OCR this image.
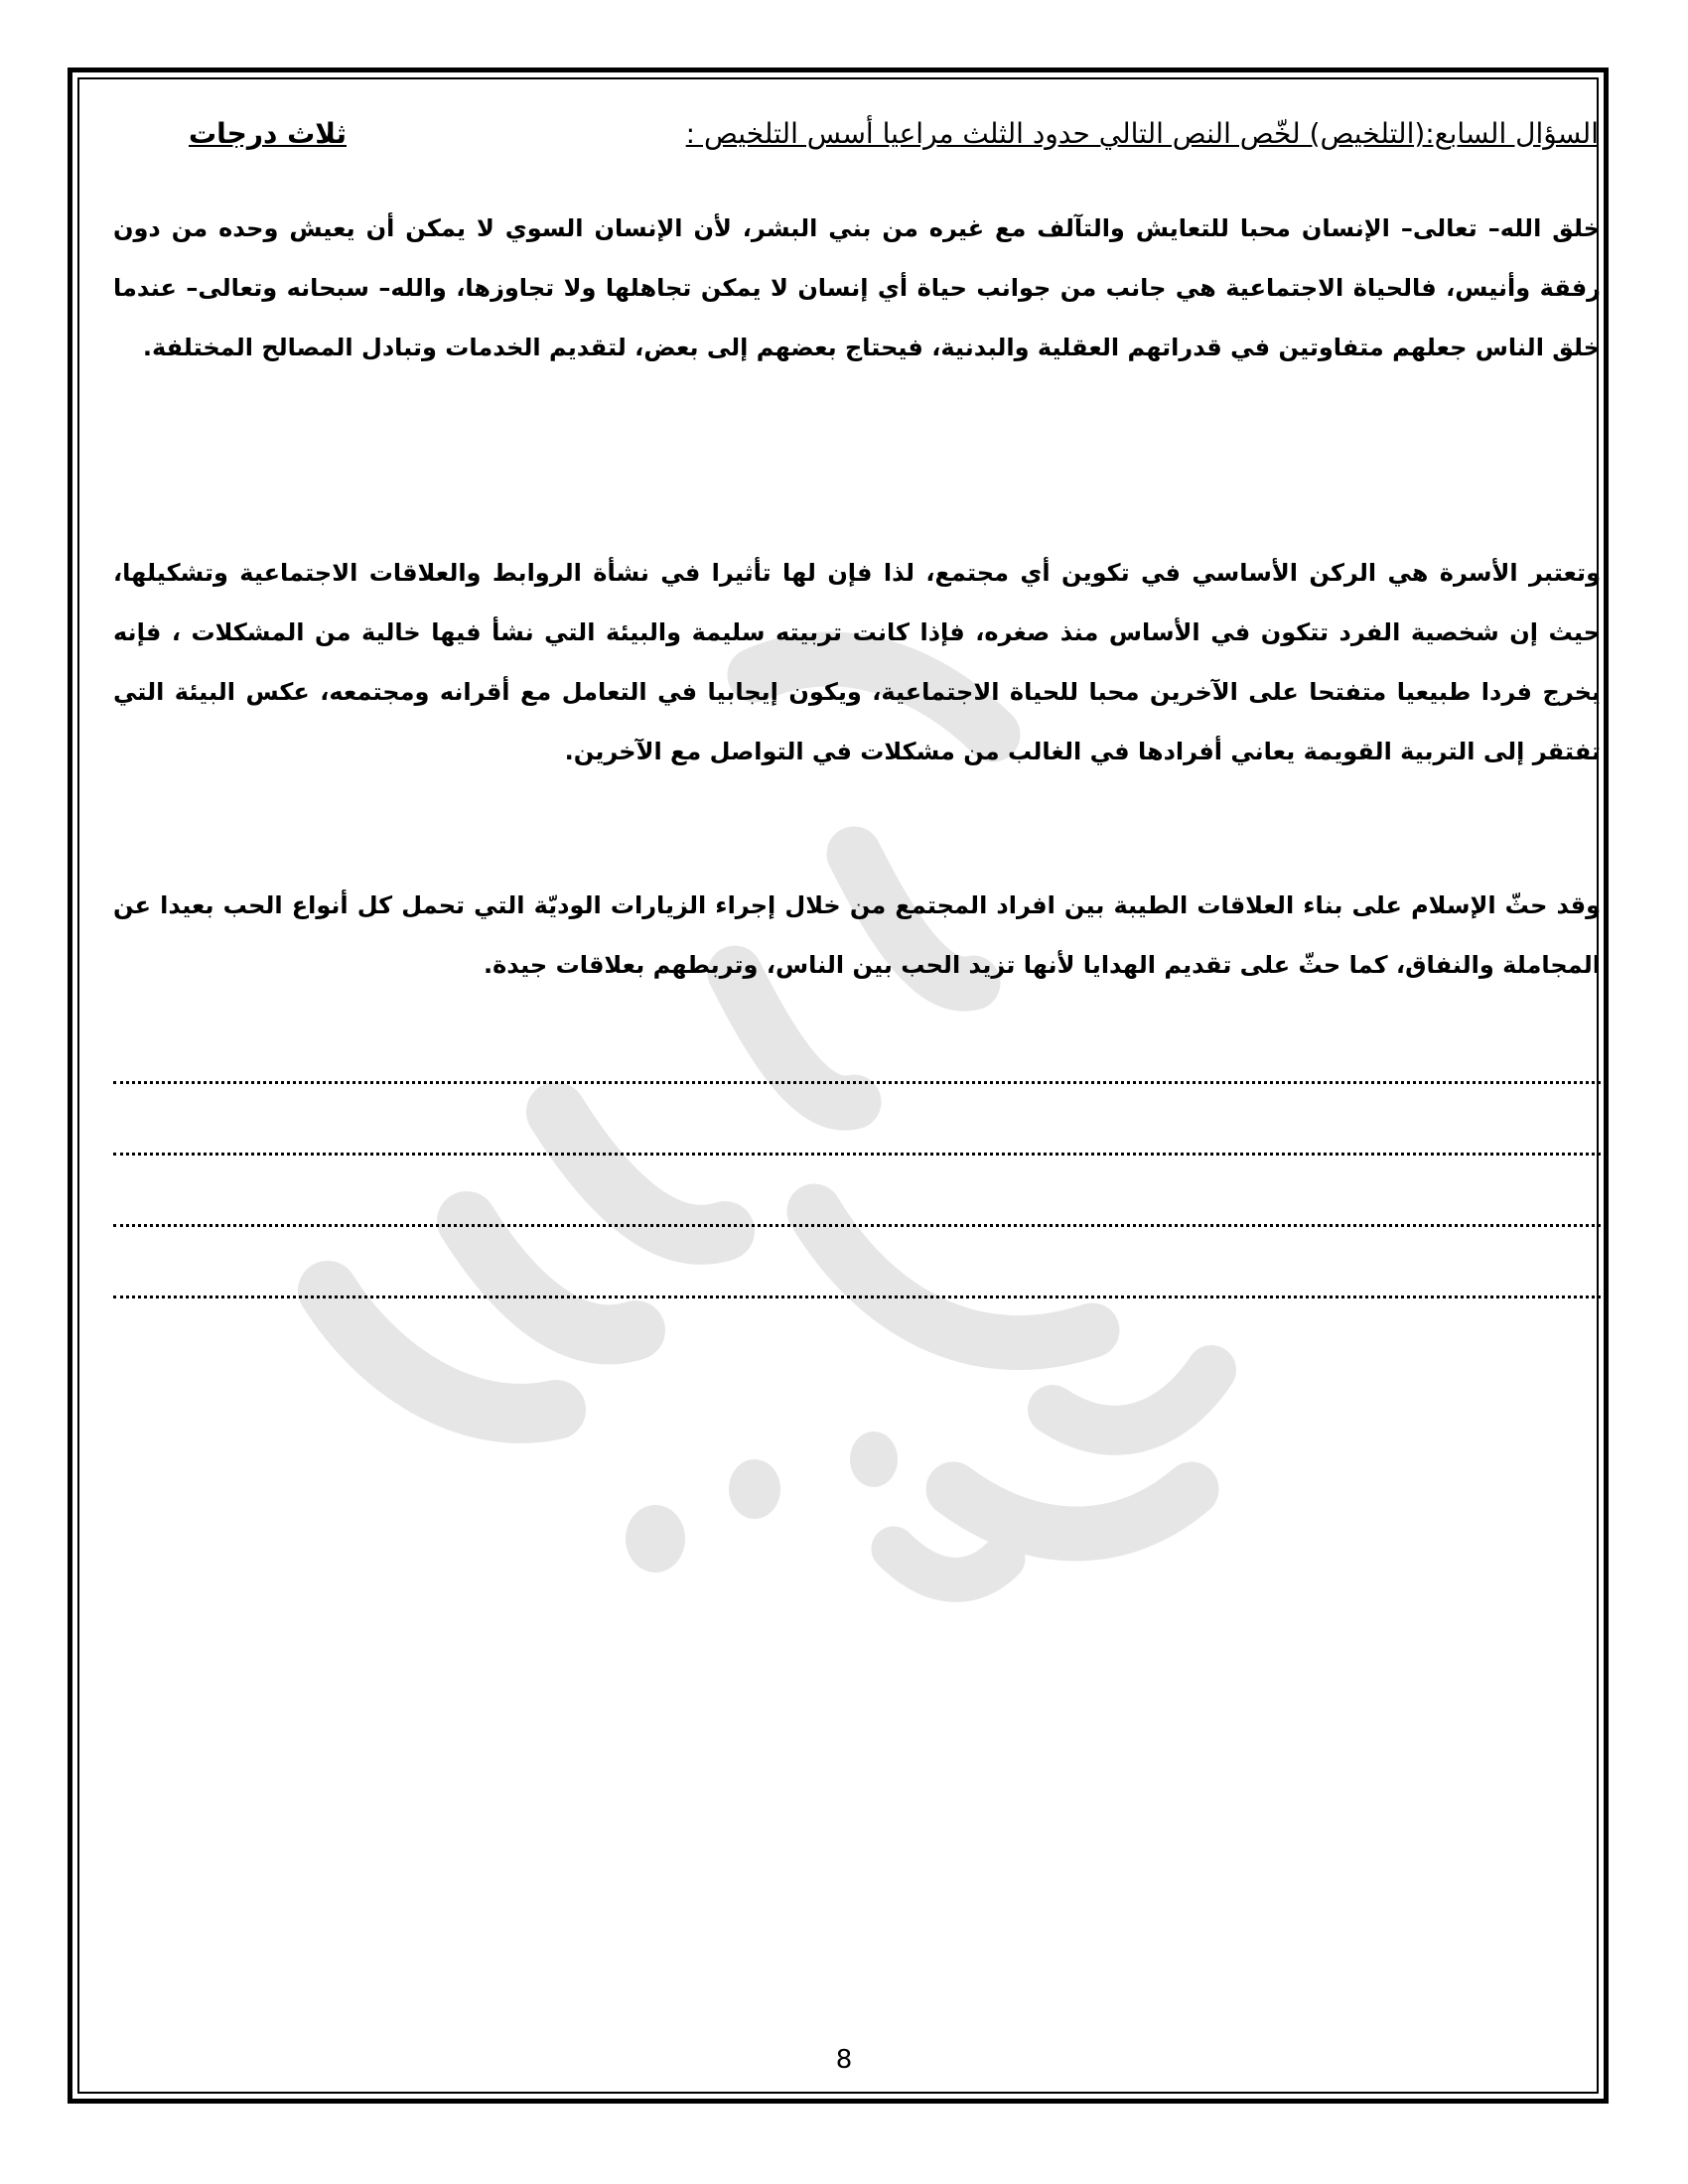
السؤال السابع:(التلخيص) لخّص النص التالي حدود الثلث مراعيا أسس التلخيص :
ثلاث درجات

خلق الله– تعالى– الإنسان محبا للتعايش والتآلف مع غيره من بني البشر، لأن الإنسان السوي لا يمكن أن يعيش وحده من دون رفقة وأنيس، فالحياة الاجتماعية هي جانب من جوانب حياة أي إنسان لا يمكن تجاهلها ولا تجاوزها، والله– سبحانه وتعالى– عندما خلق الناس جعلهم متفاوتين في قدراتهم العقلية والبدنية، فيحتاج بعضهم إلى بعض، لتقديم الخدمات وتبادل المصالح المختلفة.

وتعتبر الأسرة هي الركن الأساسي في تكوين أي مجتمع، لذا فإن لها تأثيرا في نشأة الروابط والعلاقات الاجتماعية وتشكيلها، حيث إن شخصية الفرد تتكون في الأساس منذ صغره، فإذا كانت تربيته سليمة والبيئة التي نشأ فيها خالية من المشكلات ، فإنه يخرج فردا طبيعيا متفتحا على الآخرين محبا للحياة الاجتماعية، ويكون إيجابيا في التعامل مع أقرانه ومجتمعه، عكس البيئة التي تفتقر إلى التربية القويمة يعاني أفرادها في الغالب من مشكلات في التواصل مع الآخرين.

وقد حثّ الإسلام على بناء العلاقات الطيبة بين افراد المجتمع من خلال إجراء الزيارات الوديّة التي تحمل كل أنواع الحب بعيدا عن المجاملة والنفاق، كما حثّ على تقديم الهدايا لأنها تزيد الحب بين الناس، وتربطهم بعلاقات جيدة.

8
